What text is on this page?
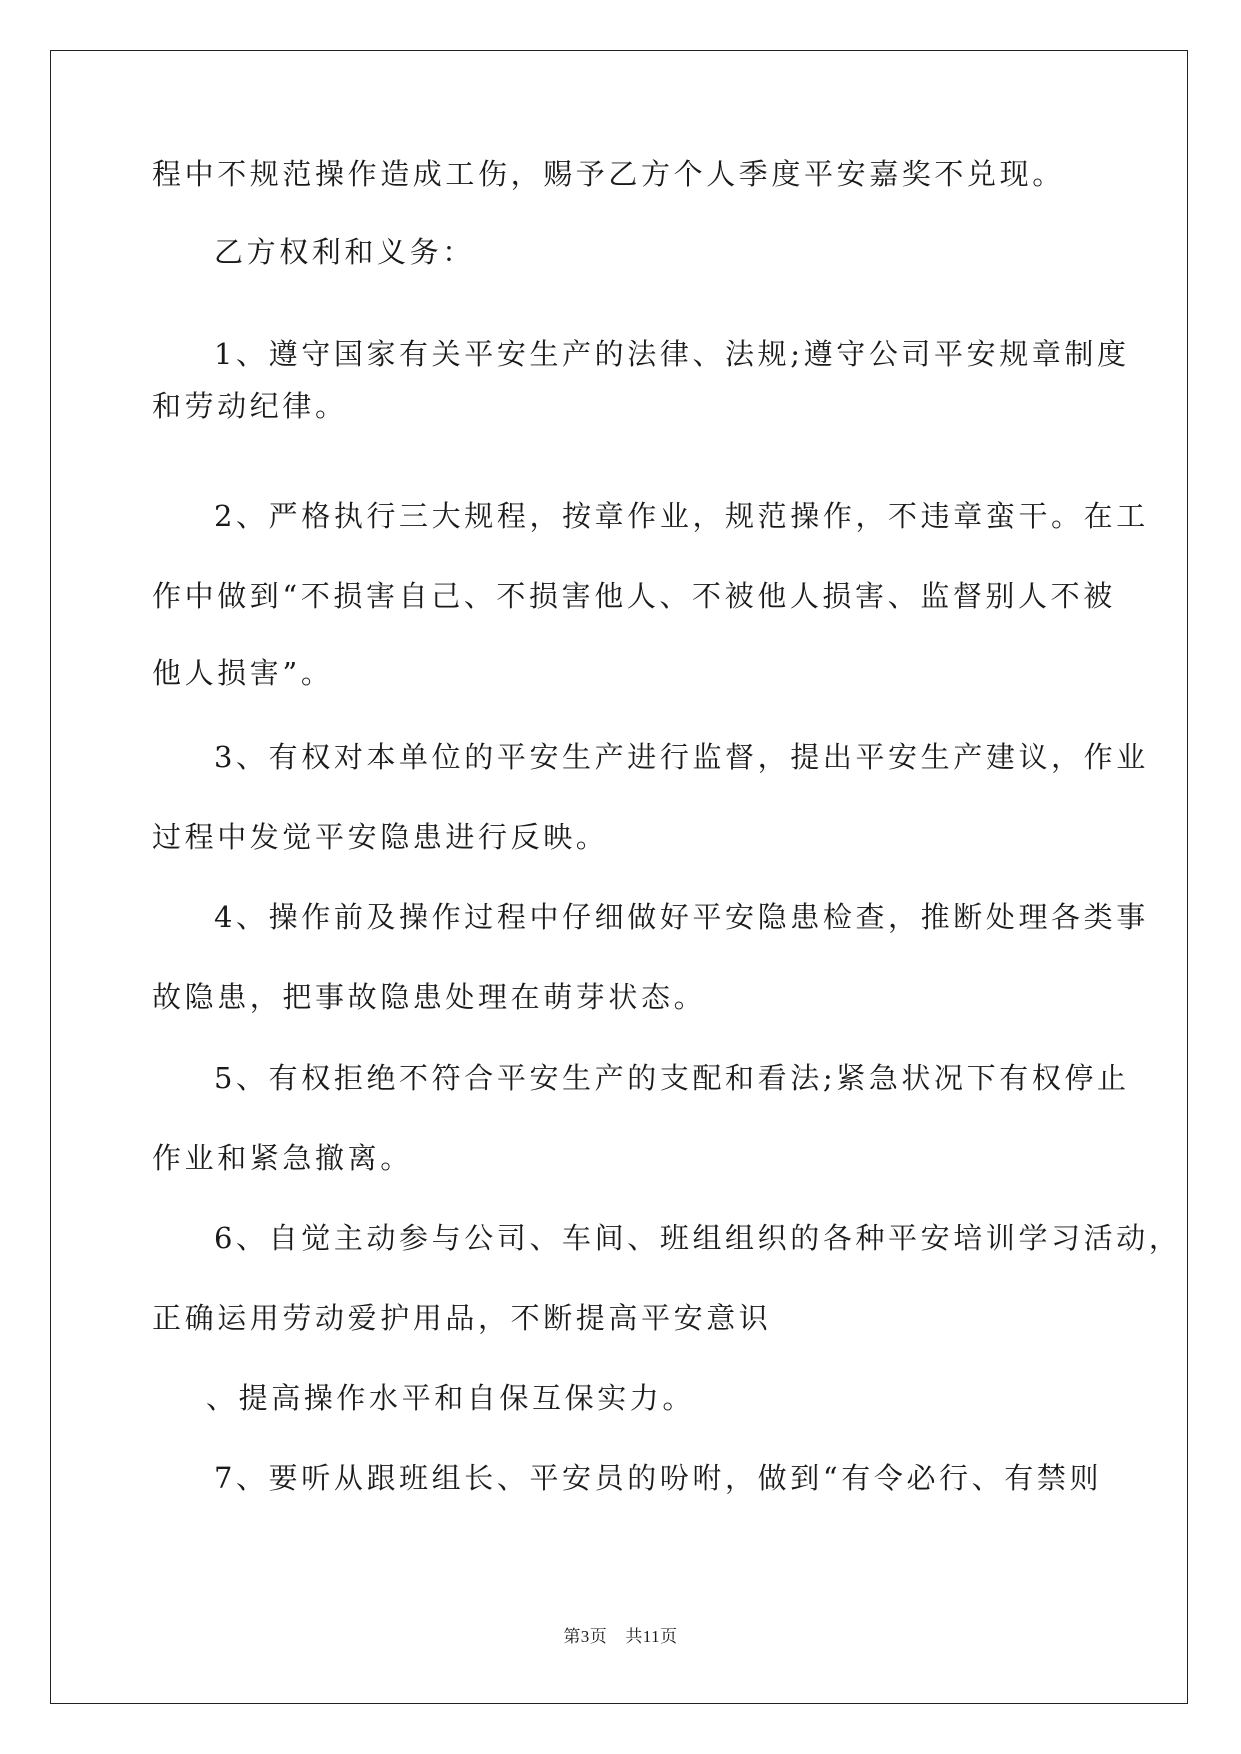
程中不规范操作造成工伤，赐予乙方个人季度平安嘉奖不兑现。
乙方权利和义务：
1、遵守国家有关平安生产的法律、法规;遵守公司平安规章制度
和劳动纪律。
2、严格执行三大规程，按章作业，规范操作，不违章蛮干。在工
作中做到“不损害自己、不损害他人、不被他人损害、监督别人不被
他人损害”。
3、有权对本单位的平安生产进行监督，提出平安生产建议，作业
过程中发觉平安隐患进行反映。
4、操作前及操作过程中仔细做好平安隐患检查，推断处理各类事
故隐患，把事故隐患处理在萌芽状态。
5、有权拒绝不符合平安生产的支配和看法;紧急状况下有权停止
作业和紧急撤离。
6、自觉主动参与公司、车间、班组组织的各种平安培训学习活动，
正确运用劳动爱护用品，不断提高平安意识
、提高操作水平和自保互保实力。
7、要听从跟班组长、平安员的吩咐，做到“有令必行、有禁则
第3页 共11页
